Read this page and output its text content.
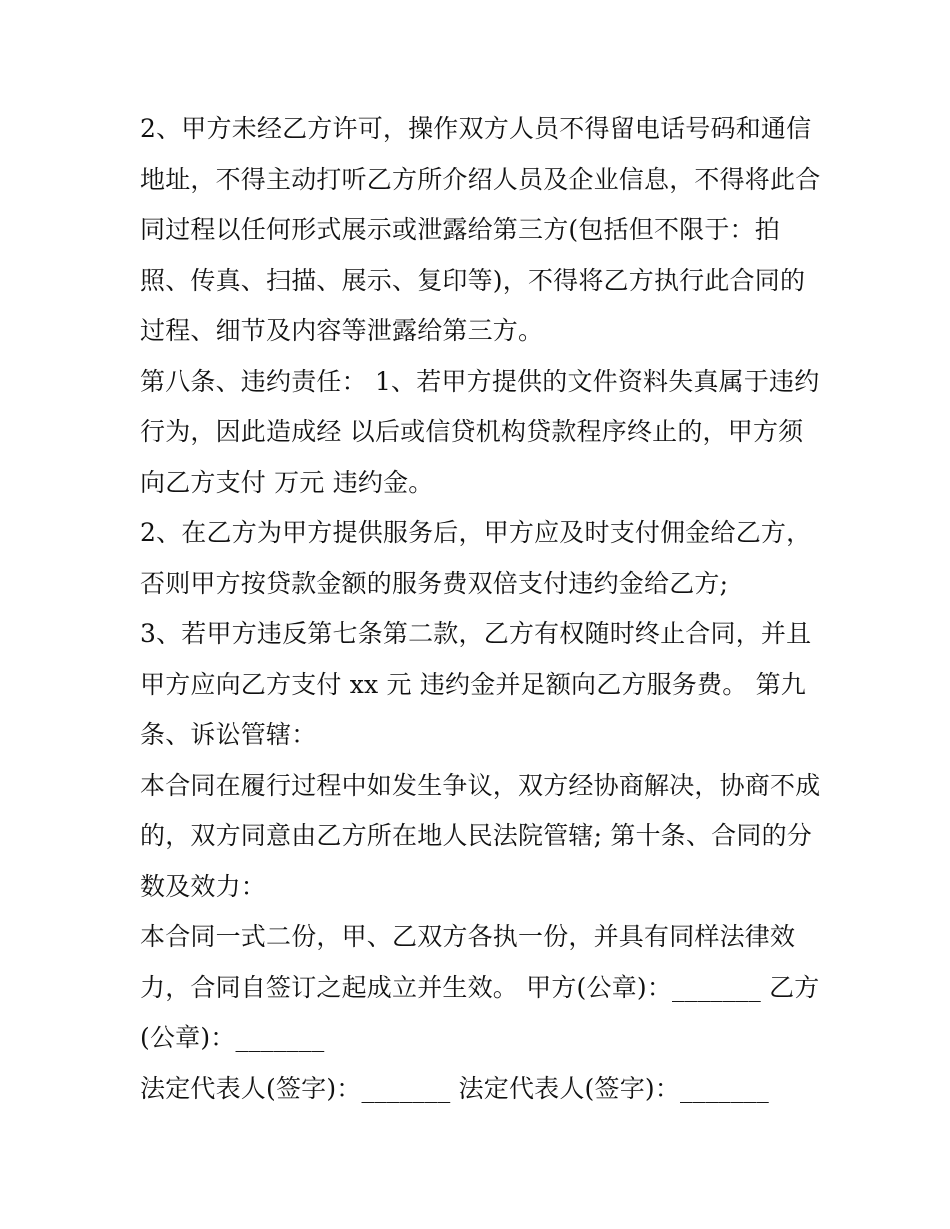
2、甲方未经乙方许可，操作双方人员不得留电话号码和通信
地址，不得主动打听乙方所介绍人员及企业信息，不得将此合
同过程以任何形式展示或泄露给第三方(包括但不限于：拍
照、传真、扫描、展示、复印等)，不得将乙方执行此合同的
过程、细节及内容等泄露给第三方。
第八条、违约责任： 1、若甲方提供的文件资料失真属于违约
行为，因此造成经 以后或信贷机构贷款程序终止的，甲方须
向乙方支付 万元 违约金。
2、在乙方为甲方提供服务后，甲方应及时支付佣金给乙方，
否则甲方按贷款金额的服务费双倍支付违约金给乙方;
3、若甲方违反第七条第二款，乙方有权随时终止合同，并且
甲方应向乙方支付 xx 元 违约金并足额向乙方服务费。 第九
条、诉讼管辖：
本合同在履行过程中如发生争议，双方经协商解决，协商不成
的，双方同意由乙方所在地人民法院管辖; 第十条、合同的分
数及效力：
本合同一式二份，甲、乙双方各执一份，并具有同样法律效
力，合同自签订之起成立并生效。 甲方(公章)：_______ 乙方
(公章)：_______
法定代表人(签字)：_______ 法定代表人(签字)：_______
